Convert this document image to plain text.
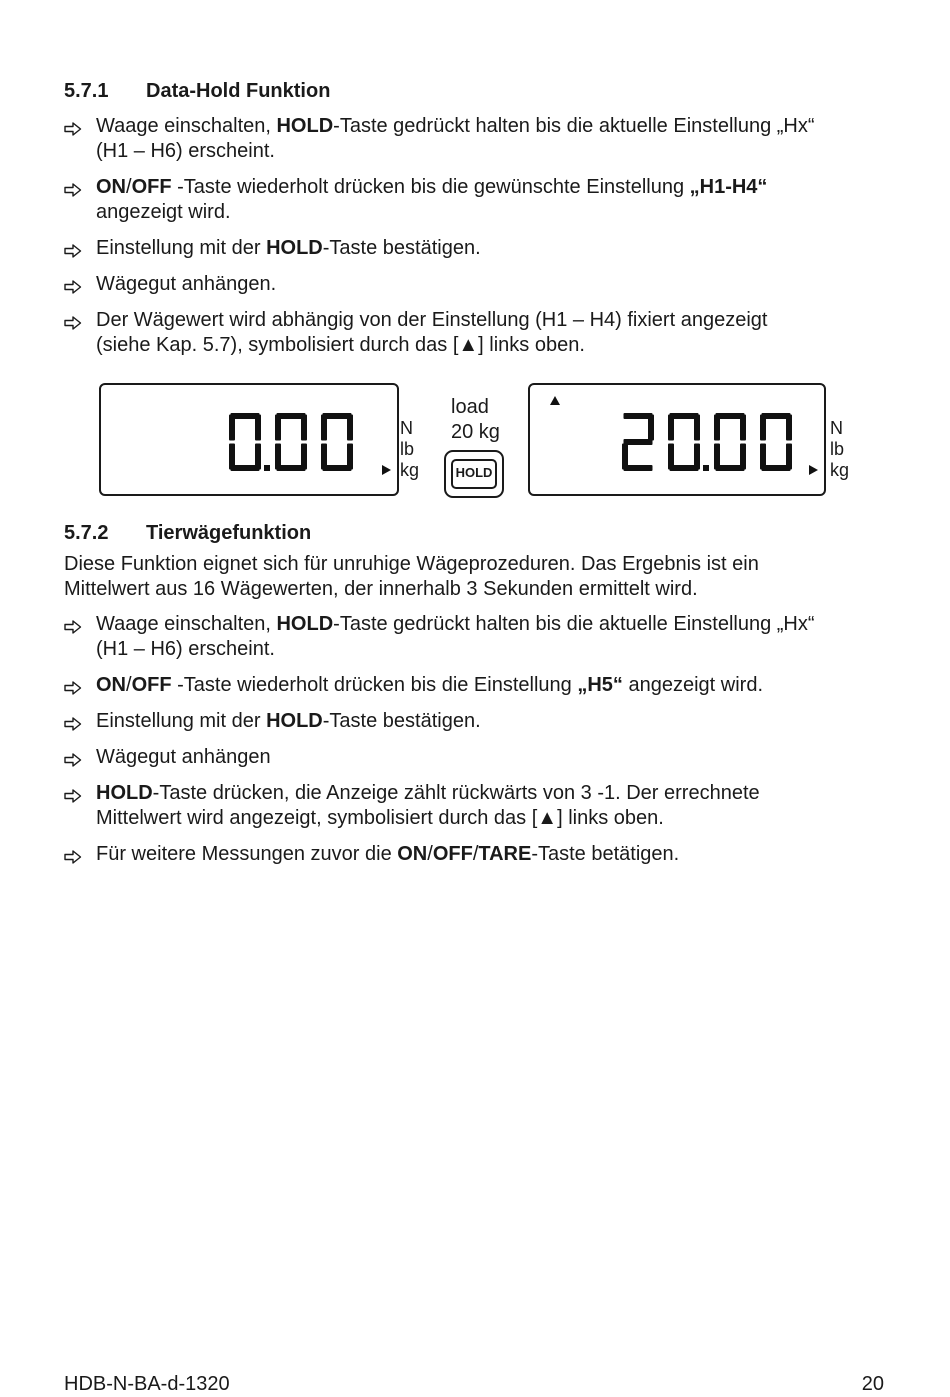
5.7.1 Data-Hold Funktion
Waage einschalten, HOLD-Taste gedrückt halten bis die aktuelle Einstellung „Hx“
(H1 – H6) erscheint.
ON/OFF -Taste wiederholt drücken bis die gewünschte Einstellung „H1-H4“
angezeigt wird.
Einstellung mit der HOLD-Taste bestätigen.
Wägegut anhängen.
Der Wägewert wird abhängig von der Einstellung (H1 – H4) fixiert angezeigt
(siehe Kap. 5.7), symbolisiert durch das [▲] links oben.
N
lb
kg
load
20 kg
HOLD
N
lb
kg
5.7.2 Tierwägefunktion
Diese Funktion eignet sich für unruhige Wägeprozeduren. Das Ergebnis ist ein
Mittelwert aus 16 Wägewerten, der innerhalb 3 Sekunden ermittelt wird.
Waage einschalten, HOLD-Taste gedrückt halten bis die aktuelle Einstellung „Hx“
(H1 – H6) erscheint.
ON/OFF -Taste wiederholt drücken bis die Einstellung „H5“ angezeigt wird.
Einstellung mit der HOLD-Taste bestätigen.
Wägegut anhängen
HOLD-Taste drücken, die Anzeige zählt rückwärts von 3 -1. Der errechnete
Mittelwert wird angezeigt, symbolisiert durch das [▲] links oben.
Für weitere Messungen zuvor die ON/OFF/TARE-Taste betätigen.
HDB-N-BA-d-1320	20
